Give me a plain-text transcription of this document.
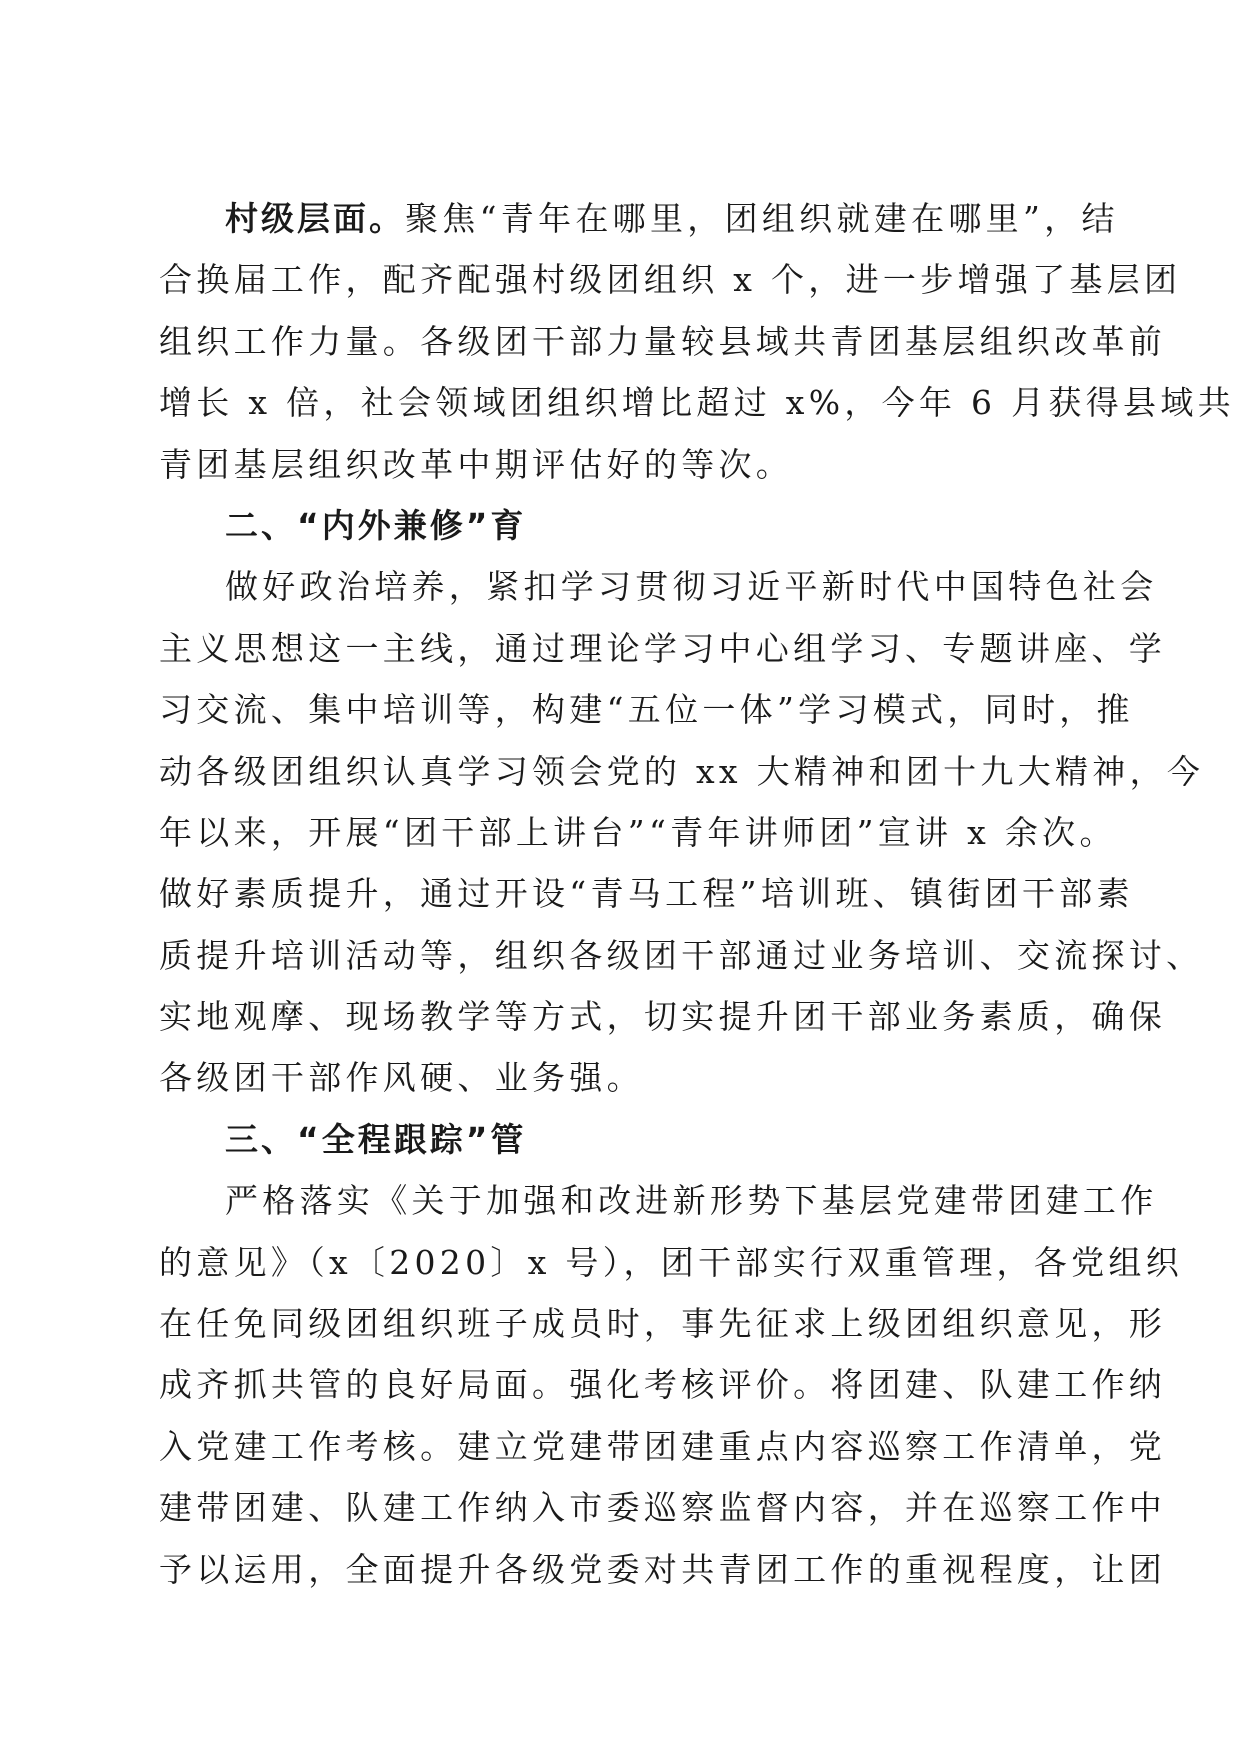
村级层面。聚焦“青年在哪里，团组织就建在哪里”，结
合换届工作，配齐配强村级团组织 x 个，进一步增强了基层团
组织工作力量。各级团干部力量较县域共青团基层组织改革前
增长 x 倍，社会领域团组织增比超过 x%，今年 6 月获得县域共
青团基层组织改革中期评估好的等次。
二、“内外兼修”育
做好政治培养，紧扣学习贯彻习近平新时代中国特色社会
主义思想这一主线，通过理论学习中心组学习、专题讲座、学
习交流、集中培训等，构建“五位一体”学习模式，同时，推
动各级团组织认真学习领会党的 xx 大精神和团十九大精神，今
年以来，开展“团干部上讲台”“青年讲师团”宣讲 x 余次。
做好素质提升，通过开设“青马工程”培训班、镇街团干部素
质提升培训活动等，组织各级团干部通过业务培训、交流探讨、
实地观摩、现场教学等方式，切实提升团干部业务素质，确保
各级团干部作风硬、业务强。
三、“全程跟踪”管
严格落实《关于加强和改进新形势下基层党建带团建工作
的意见》（x〔2020〕x 号），团干部实行双重管理，各党组织
在任免同级团组织班子成员时，事先征求上级团组织意见，形
成齐抓共管的良好局面。强化考核评价。将团建、队建工作纳
入党建工作考核。建立党建带团建重点内容巡察工作清单，党
建带团建、队建工作纳入市委巡察监督内容，并在巡察工作中
予以运用，全面提升各级党委对共青团工作的重视程度，让团
